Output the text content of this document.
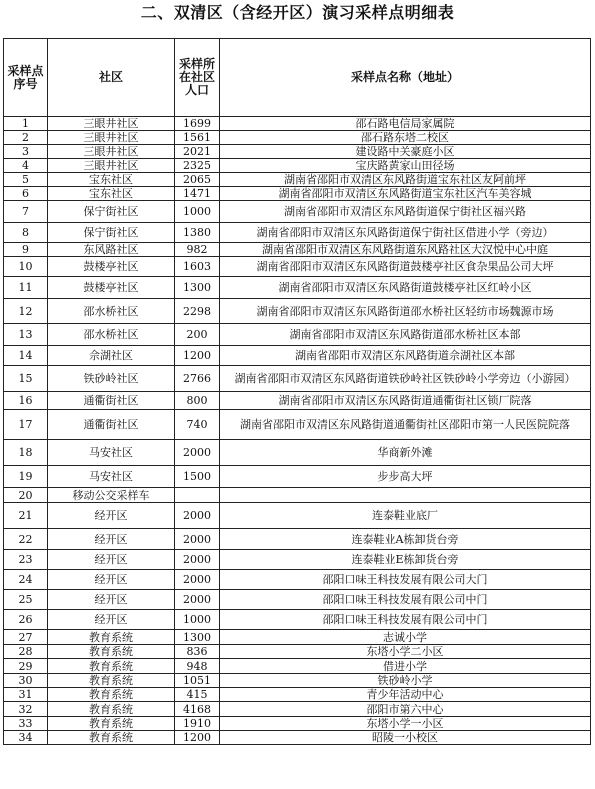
二、双清区（含经开区）演习采样点明细表
采样点序号	社区	采样所在社区人口	采样点名称（地址）
1	三眼井社区	1699	邵石路电信局家属院
2	三眼井社区	1561	邵石路东塔二校区
3	三眼井社区	2021	建设路中关豪庭小区
4	三眼井社区	2325	宝庆路黄家山田径场
5	宝东社区	2065	湖南省邵阳市双清区东风路街道宝东社区友阿前坪
6	宝东社区	1471	湖南省邵阳市双清区东风路街道宝东社区汽车美容城
7	保宁街社区	1000	湖南省邵阳市双清区东风路街道保宁街社区福兴路
8	保宁街社区	1380	湖南省邵阳市双清区东风路街道保宁街社区借进小学（旁边）
9	东风路社区	982	湖南省邵阳市双清区东风路街道东风路社区大汉悦中心中庭
10	鼓楼亭社区	1603	湖南省邵阳市双清区东风路街道鼓楼亭社区食杂果品公司大坪
11	鼓楼亭社区	1300	湖南省邵阳市双清区东风路街道鼓楼亭社区红岭小区
12	邵水桥社区	2298	湖南省邵阳市双清区东风路街道邵水桥社区轻纺市场魏源市场
13	邵水桥社区	200	湖南省邵阳市双清区东风路街道邵水桥社区本部
14	佘湖社区	1200	湖南省邵阳市双清区东风路街道佘湖社区本部
15	铁砂岭社区	2766	湖南省邵阳市双清区东风路街道铁砂岭社区铁砂岭小学旁边（小游园）
16	通衢街社区	800	湖南省邵阳市双清区东风路街道通衢街社区锁厂院落
17	通衢街社区	740	湖南省邵阳市双清区东风路街道通衢街社区邵阳市第一人民医院院落
18	马安社区	2000	华商新外滩
19	马安社区	1500	步步高大坪
20	移动公交采样车		
21	经开区	2000	连泰鞋业底厂
22	经开区	2000	连泰鞋业A栋卸货台旁
23	经开区	2000	连泰鞋业E栋卸货台旁
24	经开区	2000	邵阳口味王科技发展有限公司大门
25	经开区	2000	邵阳口味王科技发展有限公司中门
26	经开区	1000	邵阳口味王科技发展有限公司中门
27	教育系统	1300	志诚小学
28	教育系统	836	东塔小学二小区
29	教育系统	948	借进小学
30	教育系统	1051	铁砂岭小学
31	教育系统	415	青少年活动中心
32	教育系统	4168	邵阳市第六中心
33	教育系统	1910	东塔小学一小区
34	教育系统	1200	昭陵一小校区
